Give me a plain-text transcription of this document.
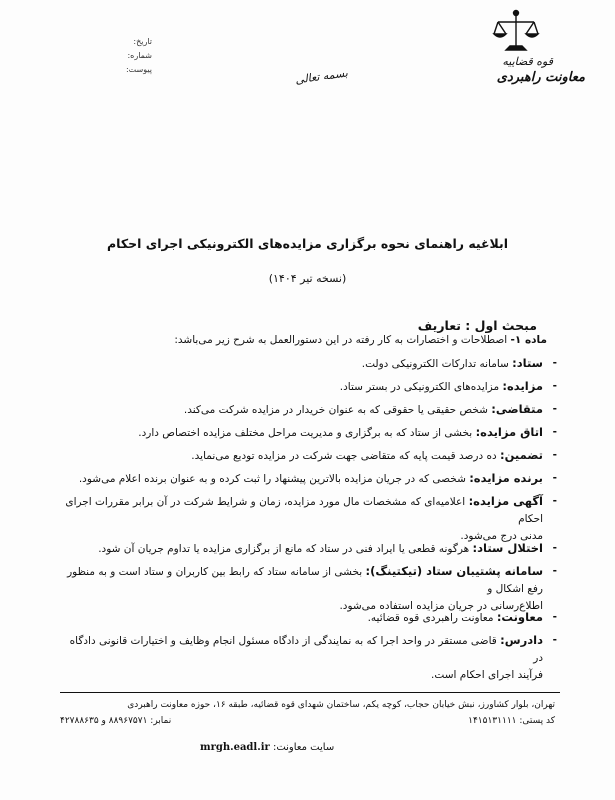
قوه قضاییه
معاونت راهبردی
بسمه تعالی
تاریخ:
شماره:
پیوست:
ابلاغیه راهنمای نحوه برگزاری مزایده‌های الکترونیکی اجرای احکام
(نسخه تیر ۱۴۰۴)
مبحث اول : تعاریف
ماده ۱- اصطلاحات و اختصارات به کار رفته در این دستورالعمل به شرح زیر می‌باشد:
-
ستاد: سامانه تدارکات الکترونیکی دولت.
-
مزایده: مزایده‌های الکترونیکی در بستر ستاد.
-
متقاضی: شخص حقیقی یا حقوقی که به عنوان خریدار در مزایده شرکت می‌کند.
-
اتاق مزایده: بخشی از ستاد که به برگزاری و مدیریت مراحل مختلف مزایده اختصاص دارد.
-
تضمین: ده درصد قیمت پایه که متقاضی جهت شرکت در مزایده تودیع می‌نماید.
-
برنده مزایده: شخصی که در جریان مزایده بالاترین پیشنهاد را ثبت کرده و به عنوان برنده اعلام می‌شود.
-
آگهی مزایده: اعلامیه‌ای که مشخصات مال مورد مزایده، زمان و شرایط شرکت در آن برابر مقررات اجرای احکام
مدنی درج می‌شود.
-
اختلال ستاد: هرگونه قطعی یا ایراد فنی در ستاد که مانع از برگزاری مزایده یا تداوم جریان آن شود.
-
سامانه پشتیبان ستاد (تیکتینگ): بخشی از سامانه ستاد که رابط بین کاربران و ستاد است و به منظور رفع اشکال و
اطلاع‌رسانی در جریان مزایده استفاده می‌شود.
-
معاونت: معاونت راهبردی قوه قضائیه.
-
دادرس: قاضی مستقر در واحد اجرا که به نمایندگی از دادگاه مسئول انجام وظایف و اختیارات قانونی دادگاه در
فرآیند اجرای احکام است.
تهران، بلوار کشاورز، نبش خیابان حجاب، کوچه یکم، ساختمان شهدای قوه قضائیه، طبقه ۱۶، حوزه معاونت راهبردی
کد پستی: ۱۴۱۵۱۳۱۱۱۱
نمابر: ۸۸۹۶۷۵۷۱ و ۴۲۷۸۸۶۳۵
سایت معاونت: mrgh.eadl.ir
